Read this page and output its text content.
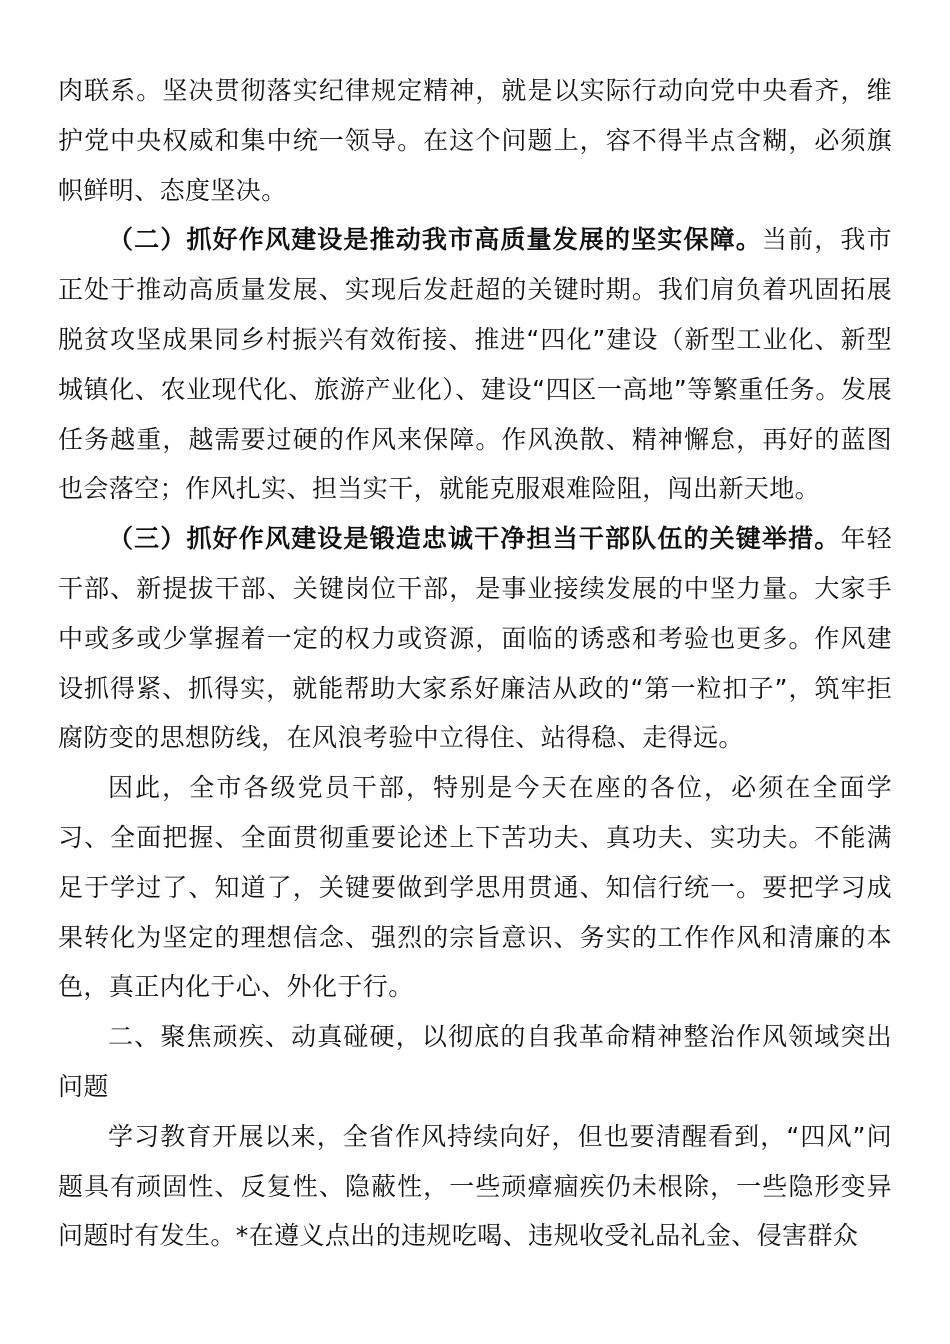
肉联系。坚决贯彻落实纪律规定精神，就是以实际行动向党中央看齐，维护党中央权威和集中统一领导。在这个问题上，容不得半点含糊，必须旗帜鲜明、态度坚决。

（二）抓好作风建设是推动我市高质量发展的坚实保障。当前，我市正处于推动高质量发展、实现后发赶超的关键时期。我们肩负着巩固拓展脱贫攻坚成果同乡村振兴有效衔接、推进“四化”建设（新型工业化、新型城镇化、农业现代化、旅游产业化）、建设“四区一高地”等繁重任务。发展任务越重，越需要过硬的作风来保障。作风涣散、精神懈怠，再好的蓝图也会落空；作风扎实、担当实干，就能克服艰难险阻，闯出新天地。

（三）抓好作风建设是锻造忠诚干净担当干部队伍的关键举措。年轻干部、新提拔干部、关键岗位干部，是事业接续发展的中坚力量。大家手中或多或少掌握着一定的权力或资源，面临的诱惑和考验也更多。作风建设抓得紧、抓得实，就能帮助大家系好廉洁从政的“第一粒扣子”，筑牢拒腐防变的思想防线，在风浪考验中立得住、站得稳、走得远。

因此，全市各级党员干部，特别是今天在座的各位，必须在全面学习、全面把握、全面贯彻重要论述上下苦功夫、真功夫、实功夫。不能满足于学过了、知道了，关键要做到学思用贯通、知信行统一。要把学习成果转化为坚定的理想信念、强烈的宗旨意识、务实的工作作风和清廉的本色，真正内化于心、外化于行。

二、聚焦顽疾、动真碰硬，以彻底的自我革命精神整治作风领域突出问题

学习教育开展以来，全省作风持续向好，但也要清醒看到，“四风”问题具有顽固性、反复性、隐蔽性，一些顽瘴痼疾仍未根除，一些隐形变异问题时有发生。*在遵义点出的违规吃喝、违规收受礼品礼金、侵害群众
